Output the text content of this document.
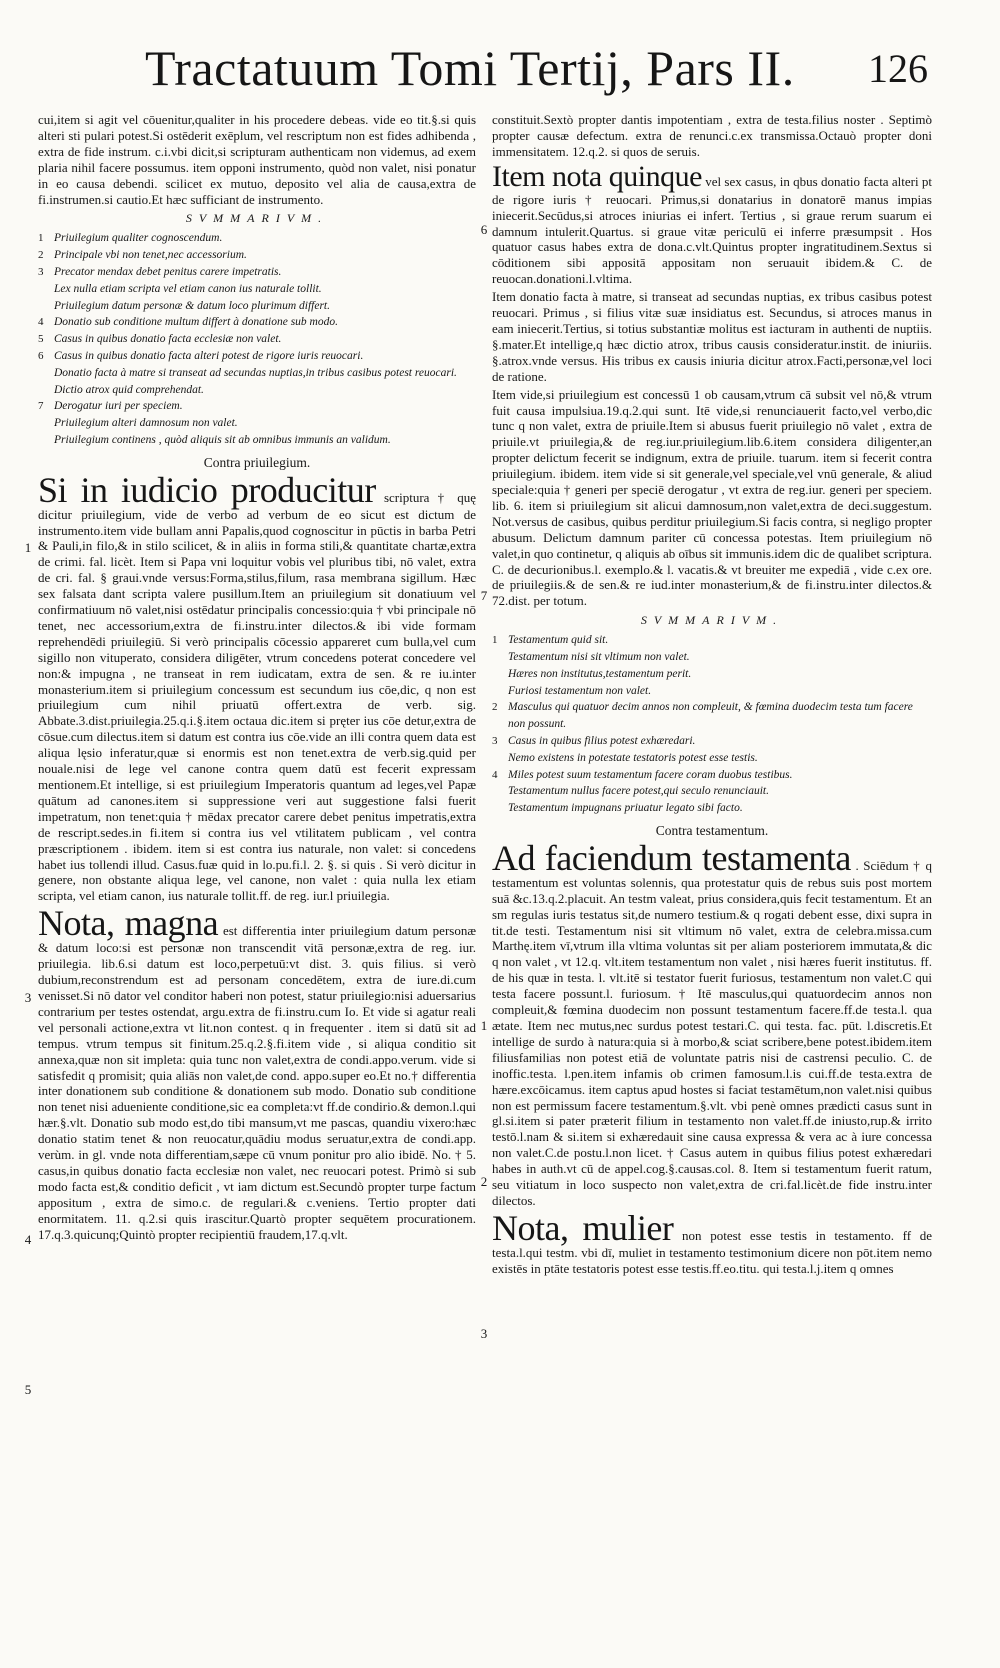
Tractatuum Tomi Tertij, Pars II. 126

cui,item si agit vel cōuenitur,qualiter in his procedere debeas. vide eo tit.§.si quis alteri sti pulari potest.Si ostēderit exēplum, vel rescriptum non est fides adhibenda , extra de fide instrum. c.i.vbi dicit,si scripturam authenticam non videmus, ad exem plaria nihil facere possumus. item opponi instrumento, quòd non valet, nisi ponatur in eo causa debendi. scilicet ex mutuo, deposito vel alia de causa,extra de fi.instrumen.si cautio.Et hæc sufficiant de instrumento.

SVMMARIVM.
1 Priuilegium qualiter cognoscendum.
2 Principale vbi non tenet,nec accessorium.
3 Precator mendax debet penitus carere impetratis.
Lex nulla etiam scripta vel etiam canon ius naturale tollit.
Priuilegium datum personæ & datum loco plurimum differt.
4 Donatio sub conditione multum differt à donatione sub modo.
5 Casus in quibus donatio facta ecclesiæ non valet.
6 Casus in quibus donatio facta alteri potest de rigore iuris reuocari.
Donatio facta à matre si transeat ad secundas nuptias,in tribus casibus potest reuocari.
Dictio atrox quid comprehendat.
7 Derogatur iuri per speciem.
Priuilegium alteri damnosum non valet.
Priuilegium continens , quòd aliquis sit ab omnibus immunis an validum.
Contra priuilegium.

Si in iudicio producitur scriptura † quę dicitur priuilegium, vide de verbo ad verbum de eo sicut est dictum de instrumento.item vide bullam anni Papalis,quod cognoscitur in pūctis in barba Petri & Pauli,in filo,& in stilo scilicet, & in aliis in forma stili,& quantitate chartæ,extra de crimi. fal. licèt. Item si Papa vni loquitur vobis vel pluribus tibi, nō valet, extra de cri. fal. § graui.vnde versus:Forma,stilus,filum, rasa membrana sigillum. Hæc sex falsata dant scripta valere pusillum.Item an priuilegium sit donatiuum vel confirmatiuum nō valet,nisi ostēdatur principalis concessio:quia † vbi principale nō tenet, nec accessorium,extra de fi.instru.inter dilectos.& ibi vide formam reprehendēdi priuilegiū. Si verò principalis cōcessio appareret cum bulla,vel cum sigillo non vituperato, considera diligēter, vtrum concedens poterat concedere vel non:& impugna , ne transeat in rem iudicatam, extra de sen. & re iu.inter monasterium.item si priuilegium concessum est secundum ius cōe,dic, q non est priuilegium cum nihil priuatū offert.extra de verb. sig. Abbate.3.dist.priuilegia.25.q.i.§.item octaua dic.item si pręter ius cōe detur,extra de cōsue.cum dilectus.item si datum est contra ius cōe.vide an illi contra quem data est aliqua lęsio inferatur,quæ si enormis est non tenet.extra de verb.sig.quid per nouale.nisi de lege vel canone contra quem datū est fecerit expressam mentionem.Et intellige, si est priuilegium Imperatoris quantum ad leges,vel Papæ quātum ad canones.item si suppressione veri aut suggestione falsi fuerit impetratum, non tenet:quia † mēdax precator carere debet penitus impetratis,extra de rescript.sedes.in fi.item si contra ius vel vtilitatem publicam , vel contra præscriptionem . ibidem. item si est contra ius naturale, non valet: si concedens habet ius tollendi illud. Casus.fuæ quid in lo.pu.fi.l. 2. §. si quis . Si verò dicitur in genere, non obstante aliqua lege, vel canone, non valet : quia nulla lex etiam scripta, vel etiam canon, ius naturale tollit.ff. de reg. iur.l priuilegia.

Nota, magna est differentia inter priuilegium datum personæ & datum loco:si est personæ non transcendit vitā personæ,extra de reg. iur. priuilegia. lib.6.si datum est loco,perpetuū:vt dist. 3. quis filius. si verò dubium,reconstrendum est ad personam concedētem, extra de iure.di.cum venisset.Si nō dator vel conditor haberi non potest, statur priuilegio:nisi aduersarius contrarium per testes ostendat, argu.extra de fi.instru.cum Io. Et vide si agatur reali vel personali actione,extra vt lit.non contest. q in frequenter . item si datū sit ad tempus. vtrum tempus sit finitum.25.q.2.§.fi.item vide , si aliqua conditio sit annexa,quæ non sit impleta: quia tunc non valet,extra de condi.appo.verum. vide si satisfedit q promisit; quia aliās non valet,de cond. appo.super eo.Et no.† differentia inter donationem sub conditione & donationem sub modo. Donatio sub conditione non tenet nisi adueniente conditione,sic ea completa:vt ff.de condirio.& demon.l.qui hær.§.vlt. Donatio sub modo est,do tibi mansum,vt me pascas, quandiu vixero:hæc donatio statim tenet & non reuocatur,quādiu modus seruatur,extra de condi.app. verùm. in gl. vnde nota differentiam,sæpe cū vnum ponitur pro alio ibidē. No. † 5. casus,in quibus donatio facta ecclesiæ non valet, nec reuocari potest. Primò si sub modo facta est,& conditio deficit , vt iam dictum est.Secundò propter turpe factum appositum , extra de simo.c. de regulari.& c.veniens. Tertio propter dati enormitatem. 11. q.2.si quis irascitur.Quartò propter sequētem procurationem. 17.q.3.quicunq;Quintò propter recipientiū fraudem,17.q.vlt.

constituit.Sextò propter dantis impotentiam , extra de testa.filius noster . Septimò propter causæ defectum. extra de renunci.c.ex transmissa.Octauò propter doni immensitatem. 12.q.2. si quos de seruis.

Item nota quinque vel sex casus, in qbus donatio facta alteri pt de rigore iuris † reuocari. Primus,si donatarius in donatorē manus impias iniecerit.Secūdus,si atroces iniurias ei infert. Tertius , si graue rerum suarum ei damnum intulerit.Quartus. si graue vitæ periculū ei inferre præsumpsit . Hos quatuor casus habes extra de dona.c.vlt.Quintus propter ingratitudinem.Sextus si cōditionem sibi appositā appositam non seruauit ibidem.& C. de reuocan.donationi.l.vltima.

Item donatio facta à matre, si transeat ad secundas nuptias, ex tribus casibus potest reuocari. Primus , si filius vitæ suæ insidiatus est. Secundus, si atroces manus in eam iniecerit.Tertius, si totius substantiæ molitus est iacturam in authenti de nuptiis. §.mater.Et intellige,q hæc dictio atrox, tribus causis consideratur.instit. de iniuriis. §.atrox.vnde versus. His tribus ex causis iniuria dicitur atrox.Facti,personæ,vel loci de ratione.

Item vide,si priuilegium est concessū 1 ob causam,vtrum cā subsit vel nō,& vtrum fuit causa impulsiua.19.q.2.qui sunt. Itē vide,si renunciauerit facto,vel verbo,dic tunc q non valet, extra de priuile.Item si abusus fuerit priuilegio nō valet , extra de priuile.vt priuilegia,& de reg.iur.priuilegium.lib.6.item considera diligenter,an propter delictum fecerit se indignum, extra de priuile. tuarum. item si fecerit contra priuilegium. ibidem. item vide si sit generale,vel speciale,vel vnū generale, & aliud speciale:quia † generi per speciē derogatur , vt extra de reg.iur. generi per speciem. lib. 6. item si priuilegium sit alicui damnosum,non valet,extra de deci.suggestum. Not.versus de casibus, quibus perditur priuilegium.Si facis contra, si negligo propter abusum. Delictum damnum pariter cū concessa potestas. Item priuilegium nō valet,in quo continetur, q aliquis ab oībus sit immunis.idem dic de qualibet scriptura. C. de decurionibus.l. exemplo.& l. vacatis.& vt breuiter me expediā , vide c.ex ore. de priuilegiis.& de sen.& re iud.inter monasterium,& de fi.instru.inter dilectos.& 72.dist. per totum.

SVMMARIVM.
1 Testamentum quid sit.
Testamentum nisi sit vltimum non valet.
Hæres non institutus,testamentum perit.
Furiosi testamentum non valet.
2 Masculus qui quatuor decim annos non compleuit, & fœmina duodecim testa tum facere non possunt.
3 Casus in quibus filius potest exhæredari.
Nemo existens in potestate testatoris potest esse testis.
4 Miles potest suum testamentum facere coram duobus testibus.
Testamentum nullus facere potest,qui seculo renunciauit.
Testamentum impugnans priuatur legato sibi facto.
Contra testamentum.

Ad faciendum testamenta . Sciēdum † q testamentum est voluntas solennis, qua protestatur quis de rebus suis post mortem suā &c.13.q.2.placuit. An testm valeat, prius considera,quis fecit testamentum. Et an sm regulas iuris testatus sit,de numero testium.& q rogati debent esse, dixi supra in tit.de testi. Testamentum nisi sit vltimum nō valet, extra de celebra.missa.cum Marthę.item vī,vtrum illa vltima voluntas sit per aliam posteriorem immutata,& dic q non valet , vt 12.q. vlt.item testamentum non valet , nisi hæres fuerit institutus. ff. de his quæ in testa. l. vlt.itē si testator fuerit furiosus, testamentum non valet.C qui testa facere possunt.l. furiosum. † Itē masculus,qui quatuordecim annos non compleuit,& fœmina duodecim non possunt testamentum facere.ff.de testa.l. qua ætate. Item nec mutus,nec surdus potest testari.C. qui testa. fac. pūt. l.discretis.Et intellige de surdo à natura:quia si à morbo,& sciat scribere,bene potest.ibidem.item filiusfamilias non potest etiā de voluntate patris nisi de castrensi peculio. C. de inoffic.testa. l.pen.item infamis ob crimen famosum.l.is cui.ff.de testa.extra de hære.excōicamus. item captus apud hostes si faciat testamētum,non valet.nisi quibus non est permissum facere testamentum.§.vlt. vbi penè omnes prædicti casus sunt in gl.si.item si pater præterit filium in testamento non valet.ff.de iniusto,rup.& irrito testō.l.nam & si.item si exhæredauit sine causa expressa & vera ac à iure concessa non valet.C.de postu.l.non licet. † Casus autem in quibus filius potest exhæredari habes in auth.vt cū de appel.cog.§.causas.col. 8. Item si testamentum fuerit ratum, seu vitiatum in loco suspecto non valet,extra de cri.fal.licèt.de fide instru.inter dilectos.

Nota, mulier non potest esse testis in testamento. ff de testa.l.qui testm. vbi dī, muliet in testamento testimonium dicere non pōt.item nemo existēs in ptāte testatoris potest esse testis.ff.eo.titu. qui testa.l.j.item q omnes

1
3
4
5
6
7
1
2
3
